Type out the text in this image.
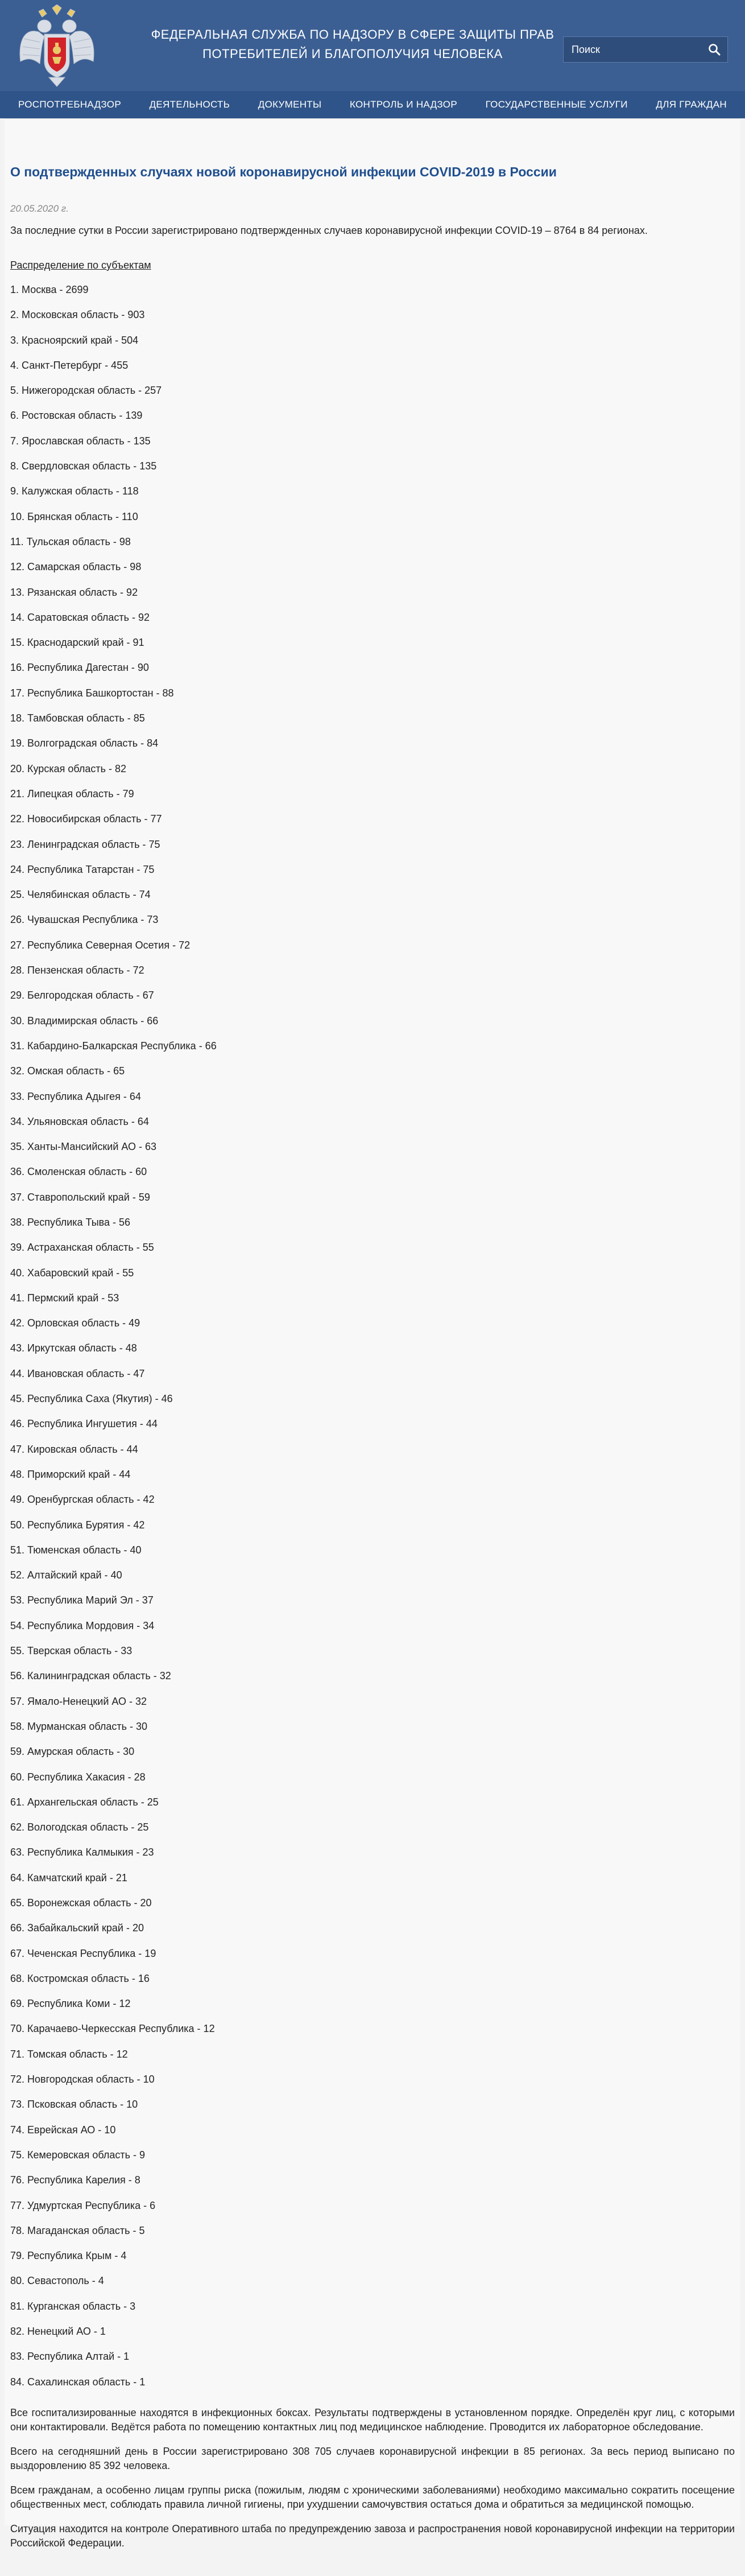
ФЕДЕРАЛЬНАЯ СЛУЖБА ПО НАДЗОРУ В СФЕРЕ ЗАЩИТЫ ПРАВ
ПОТРЕБИТЕЛЕЙ И БЛАГОПОЛУЧИЯ ЧЕЛОВЕКА
Поиск
РОСПОТРЕБНАДЗОР	ДЕЯТЕЛЬНОСТЬ	ДОКУМЕНТЫ	КОНТРОЛЬ И НАДЗОР	ГОСУДАРСТВЕННЫЕ УСЛУГИ	ДЛЯ ГРАЖДАН
О подтвержденных случаях новой коронавирусной инфекции COVID-2019 в России
20.05.2020 г.

За последние сутки в России зарегистрировано подтвержденных случаев коронавирусной инфекции COVID-19 – 8764 в 84 регионах.

Распределение по субъектам
1. Москва - 2699
2. Московская область - 903
3. Красноярский край - 504
4. Санкт-Петербург - 455
5. Нижегородская область - 257
6. Ростовская область - 139
7. Ярославская область - 135
8. Свердловская область - 135
9. Калужская область - 118
10. Брянская область - 110
11. Тульская область - 98
12. Самарская область - 98
13. Рязанская область - 92
14. Саратовская область - 92
15. Краснодарский край - 91
16. Республика Дагестан - 90
17. Республика Башкортостан - 88
18. Тамбовская область - 85
19. Волгоградская область - 84
20. Курская область - 82
21. Липецкая область - 79
22. Новосибирская область - 77
23. Ленинградская область - 75
24. Республика Татарстан - 75
25. Челябинская область - 74
26. Чувашская Республика - 73
27. Республика Северная Осетия - 72
28. Пензенская область - 72
29. Белгородская область - 67
30. Владимирская область - 66
31. Кабардино-Балкарская Республика - 66
32. Омская область - 65
33. Республика Адыгея - 64
34. Ульяновская область - 64
35. Ханты-Мансийский АО - 63
36. Смоленская область - 60
37. Ставропольский край - 59
38. Республика Тыва - 56
39. Астраханская область - 55
40. Хабаровский край - 55
41. Пермский край - 53
42. Орловская область - 49
43. Иркутская область - 48
44. Ивановская область - 47
45. Республика Саха (Якутия) - 46
46. Республика Ингушетия - 44
47. Кировская область - 44
48. Приморский край - 44
49. Оренбургская область - 42
50. Республика Бурятия - 42
51. Тюменская область - 40
52. Алтайский край - 40
53. Республика Марий Эл - 37
54. Республика Мордовия - 34
55. Тверская область - 33
56. Калининградская область - 32
57. Ямало-Ненецкий АО - 32
58. Мурманская область - 30
59. Амурская область - 30
60. Республика Хакасия - 28
61. Архангельская область - 25
62. Вологодская область - 25
63. Республика Калмыкия - 23
64. Камчатский край - 21
65. Воронежская область - 20
66. Забайкальский край - 20
67. Чеченская Республика - 19
68. Костромская область - 16
69. Республика Коми - 12
70. Карачаево-Черкесская Республика - 12
71. Томская область - 12
72. Новгородская область - 10
73. Псковская область - 10
74. Еврейская АО - 10
75. Кемеровская область - 9
76. Республика Карелия - 8
77. Удмуртская Республика - 6
78. Магаданская область - 5
79. Республика Крым - 4
80. Севастополь - 4
81. Курганская область - 3
82. Ненецкий АО - 1
83. Республика Алтай - 1
84. Сахалинская область - 1

Все госпитализированные находятся в инфекционных боксах. Результаты подтверждены в установленном порядке. Определён круг лиц, с которыми они контактировали. Ведётся работа по помещению контактных лиц под медицинское наблюдение. Проводится их лабораторное обследование.

Всего на сегодняшний день в России зарегистрировано 308 705 случаев коронавирусной инфекции в 85 регионах. За весь период выписано по выздоровлению 85 392 человека.

Всем гражданам, а особенно лицам группы риска (пожилым, людям с хроническими заболеваниями) необходимо максимально сократить посещение общественных мест, соблюдать правила личной гигиены, при ухудшении самочувствия остаться дома и обратиться за медицинской помощью.

Ситуация находится на контроле Оперативного штаба по предупреждению завоза и распространения новой коронавирусной инфекции на территории Российской Федерации.
